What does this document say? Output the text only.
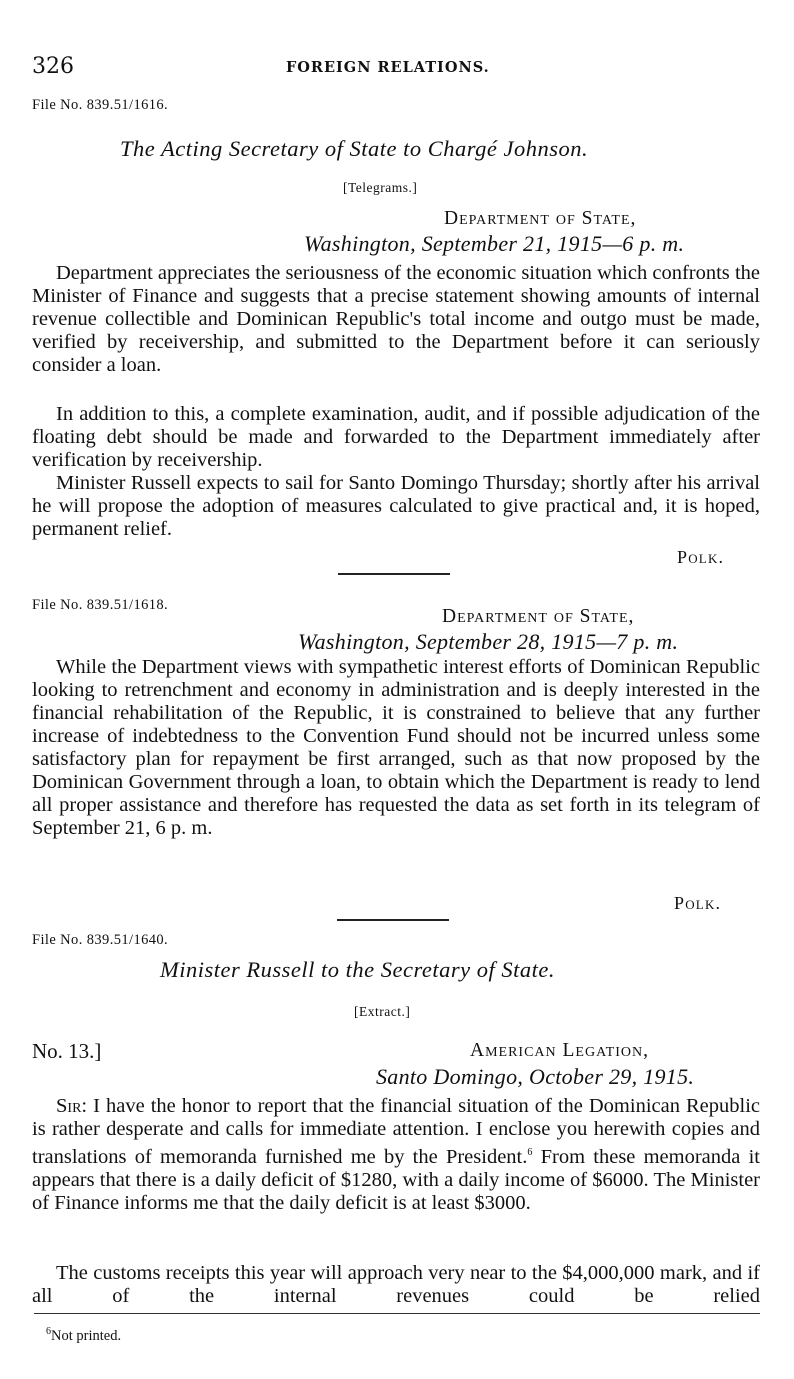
326	FOREIGN RELATIONS.
File No. 839.51/1616.
The Acting Secretary of State to Chargé Johnson.
[Telegrams.]
Department of State,
Washington, September 21, 1915—6 p. m.

Department appreciates the seriousness of the economic situation which confronts the Minister of Finance and suggests that a precise statement showing amounts of internal revenue collectible and Dominican Republic's total income and outgo must be made, verified by receivership, and submitted to the Department before it can seriously consider a loan.

In addition to this, a complete examination, audit, and if possible adjudication of the floating debt should be made and forwarded to the Department immediately after verification by receivership.

Minister Russell expects to sail for Santo Domingo Thursday; shortly after his arrival he will propose the adoption of measures calculated to give practical and, it is hoped, permanent relief.

Polk.
File No. 839.51/1618.
Department of State,
Washington, September 28, 1915—7 p. m.

While the Department views with sympathetic interest efforts of Dominican Republic looking to retrenchment and economy in administration and is deeply interested in the financial rehabilitation of the Republic, it is constrained to believe that any further increase of indebtedness to the Convention Fund should not be incurred unless some satisfactory plan for repayment be first arranged, such as that now proposed by the Dominican Government through a loan, to obtain which the Department is ready to lend all proper assistance and therefore has requested the data as set forth in its telegram of September 21, 6 p. m.

Polk.
File No. 839.51/1640.
Minister Russell to the Secretary of State.
[Extract.]
No. 13.]	American Legation,
Santo Domingo, October 29, 1915.

Sir: I have the honor to report that the financial situation of the Dominican Republic is rather desperate and calls for immediate attention. I enclose you herewith copies and translations of memoranda furnished me by the President.$^6$ From these memoranda it appears that there is a daily deficit of $1280, with a daily income of $6000. The Minister of Finance informs me that the daily deficit is at least $3000.

The customs receipts this year will approach very near to the $4,000,000 mark, and if all of the internal revenues could be relied

$^6$Not printed.
